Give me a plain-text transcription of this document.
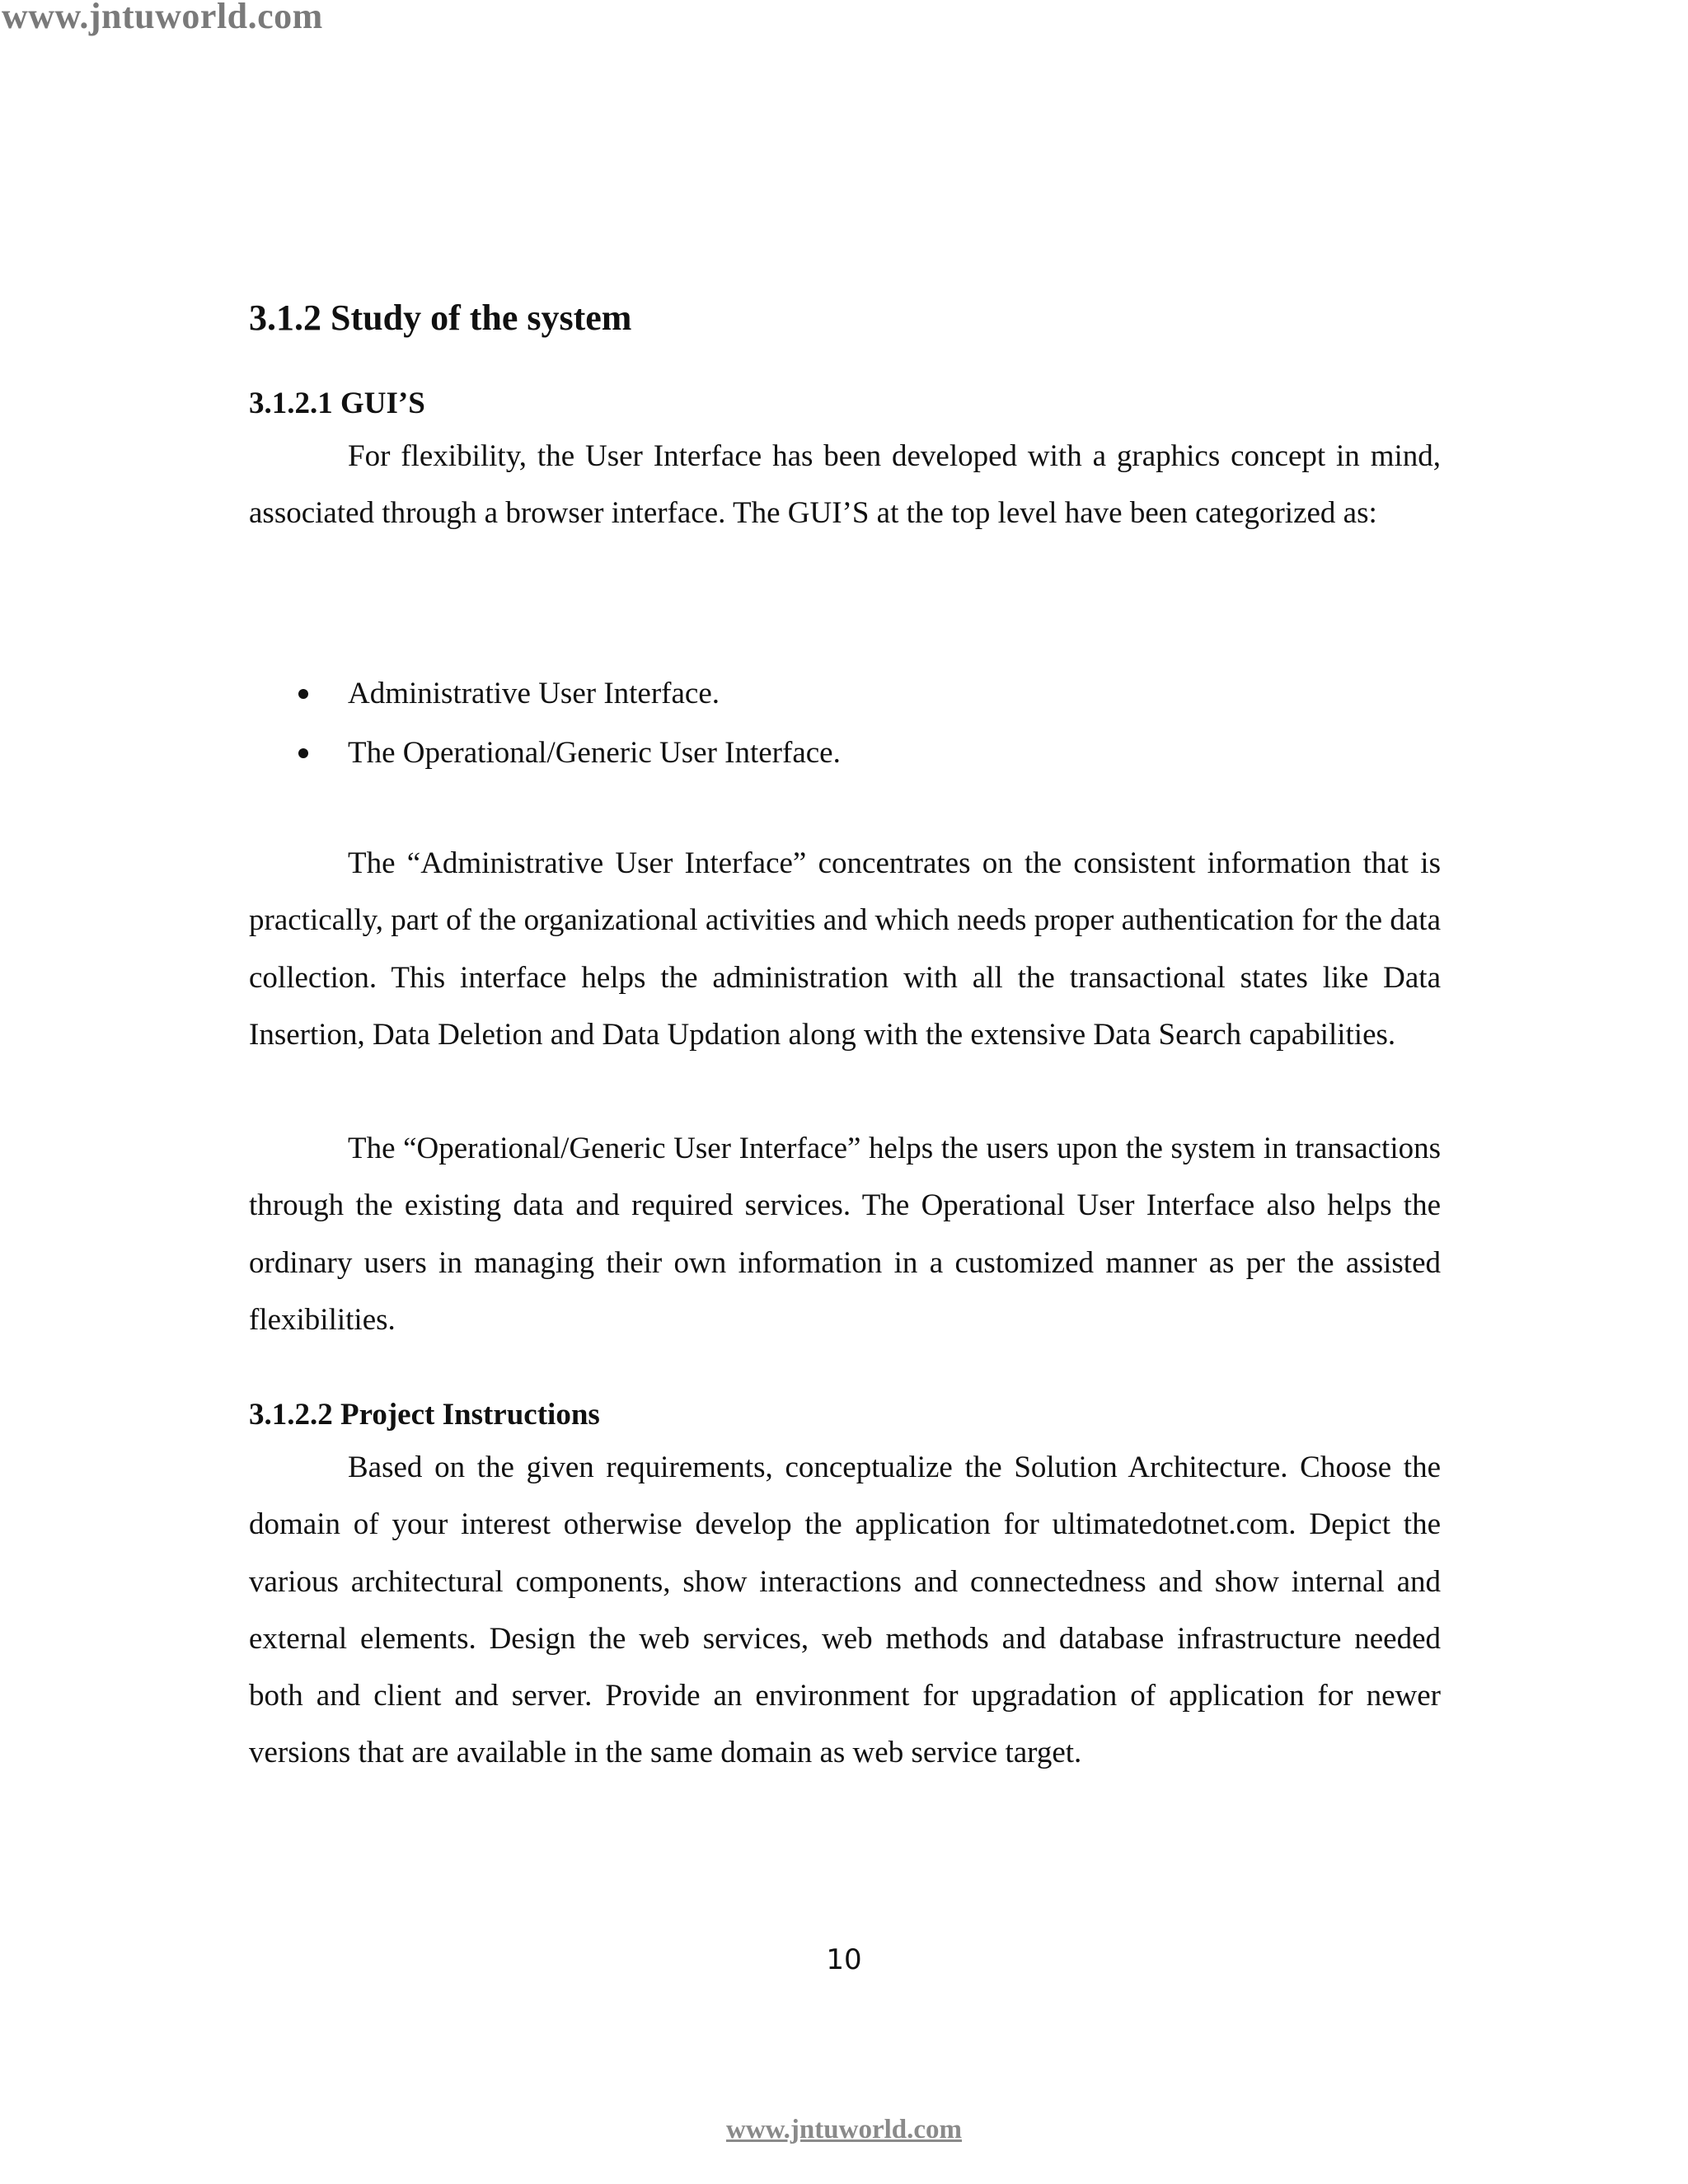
www.jntuworld.com
3.1.2 Study of the system
3.1.2.1 GUI’S

For flexibility, the User Interface has been developed with a graphics concept in mind, associated through a browser interface. The GUI’S at the top level have been categorized as:

Administrative User Interface.
The Operational/Generic User Interface.

The “Administrative User Interface” concentrates on the consistent information that is practically, part of the organizational activities and which needs proper authentication for the data collection. This interface helps the administration with all the transactional states like Data Insertion, Data Deletion and Data Updation along with the extensive Data Search capabilities.

The “Operational/Generic User Interface” helps the users upon the system in transactions through the existing data and required services. The Operational User Interface also helps the ordinary users in managing their own information in a customized manner as per the assisted flexibilities.

3.1.2.2 Project Instructions

Based on the given requirements, conceptualize the Solution Architecture. Choose the domain of your interest otherwise develop the application for ultimatedotnet.com. Depict the various architectural components, show interactions and connectedness and show internal and external elements. Design the web services, web methods and database infrastructure needed both and client and server. Provide an environment for upgradation of application for newer versions that are available in the same domain as web service target.

10
www.jntuworld.com
